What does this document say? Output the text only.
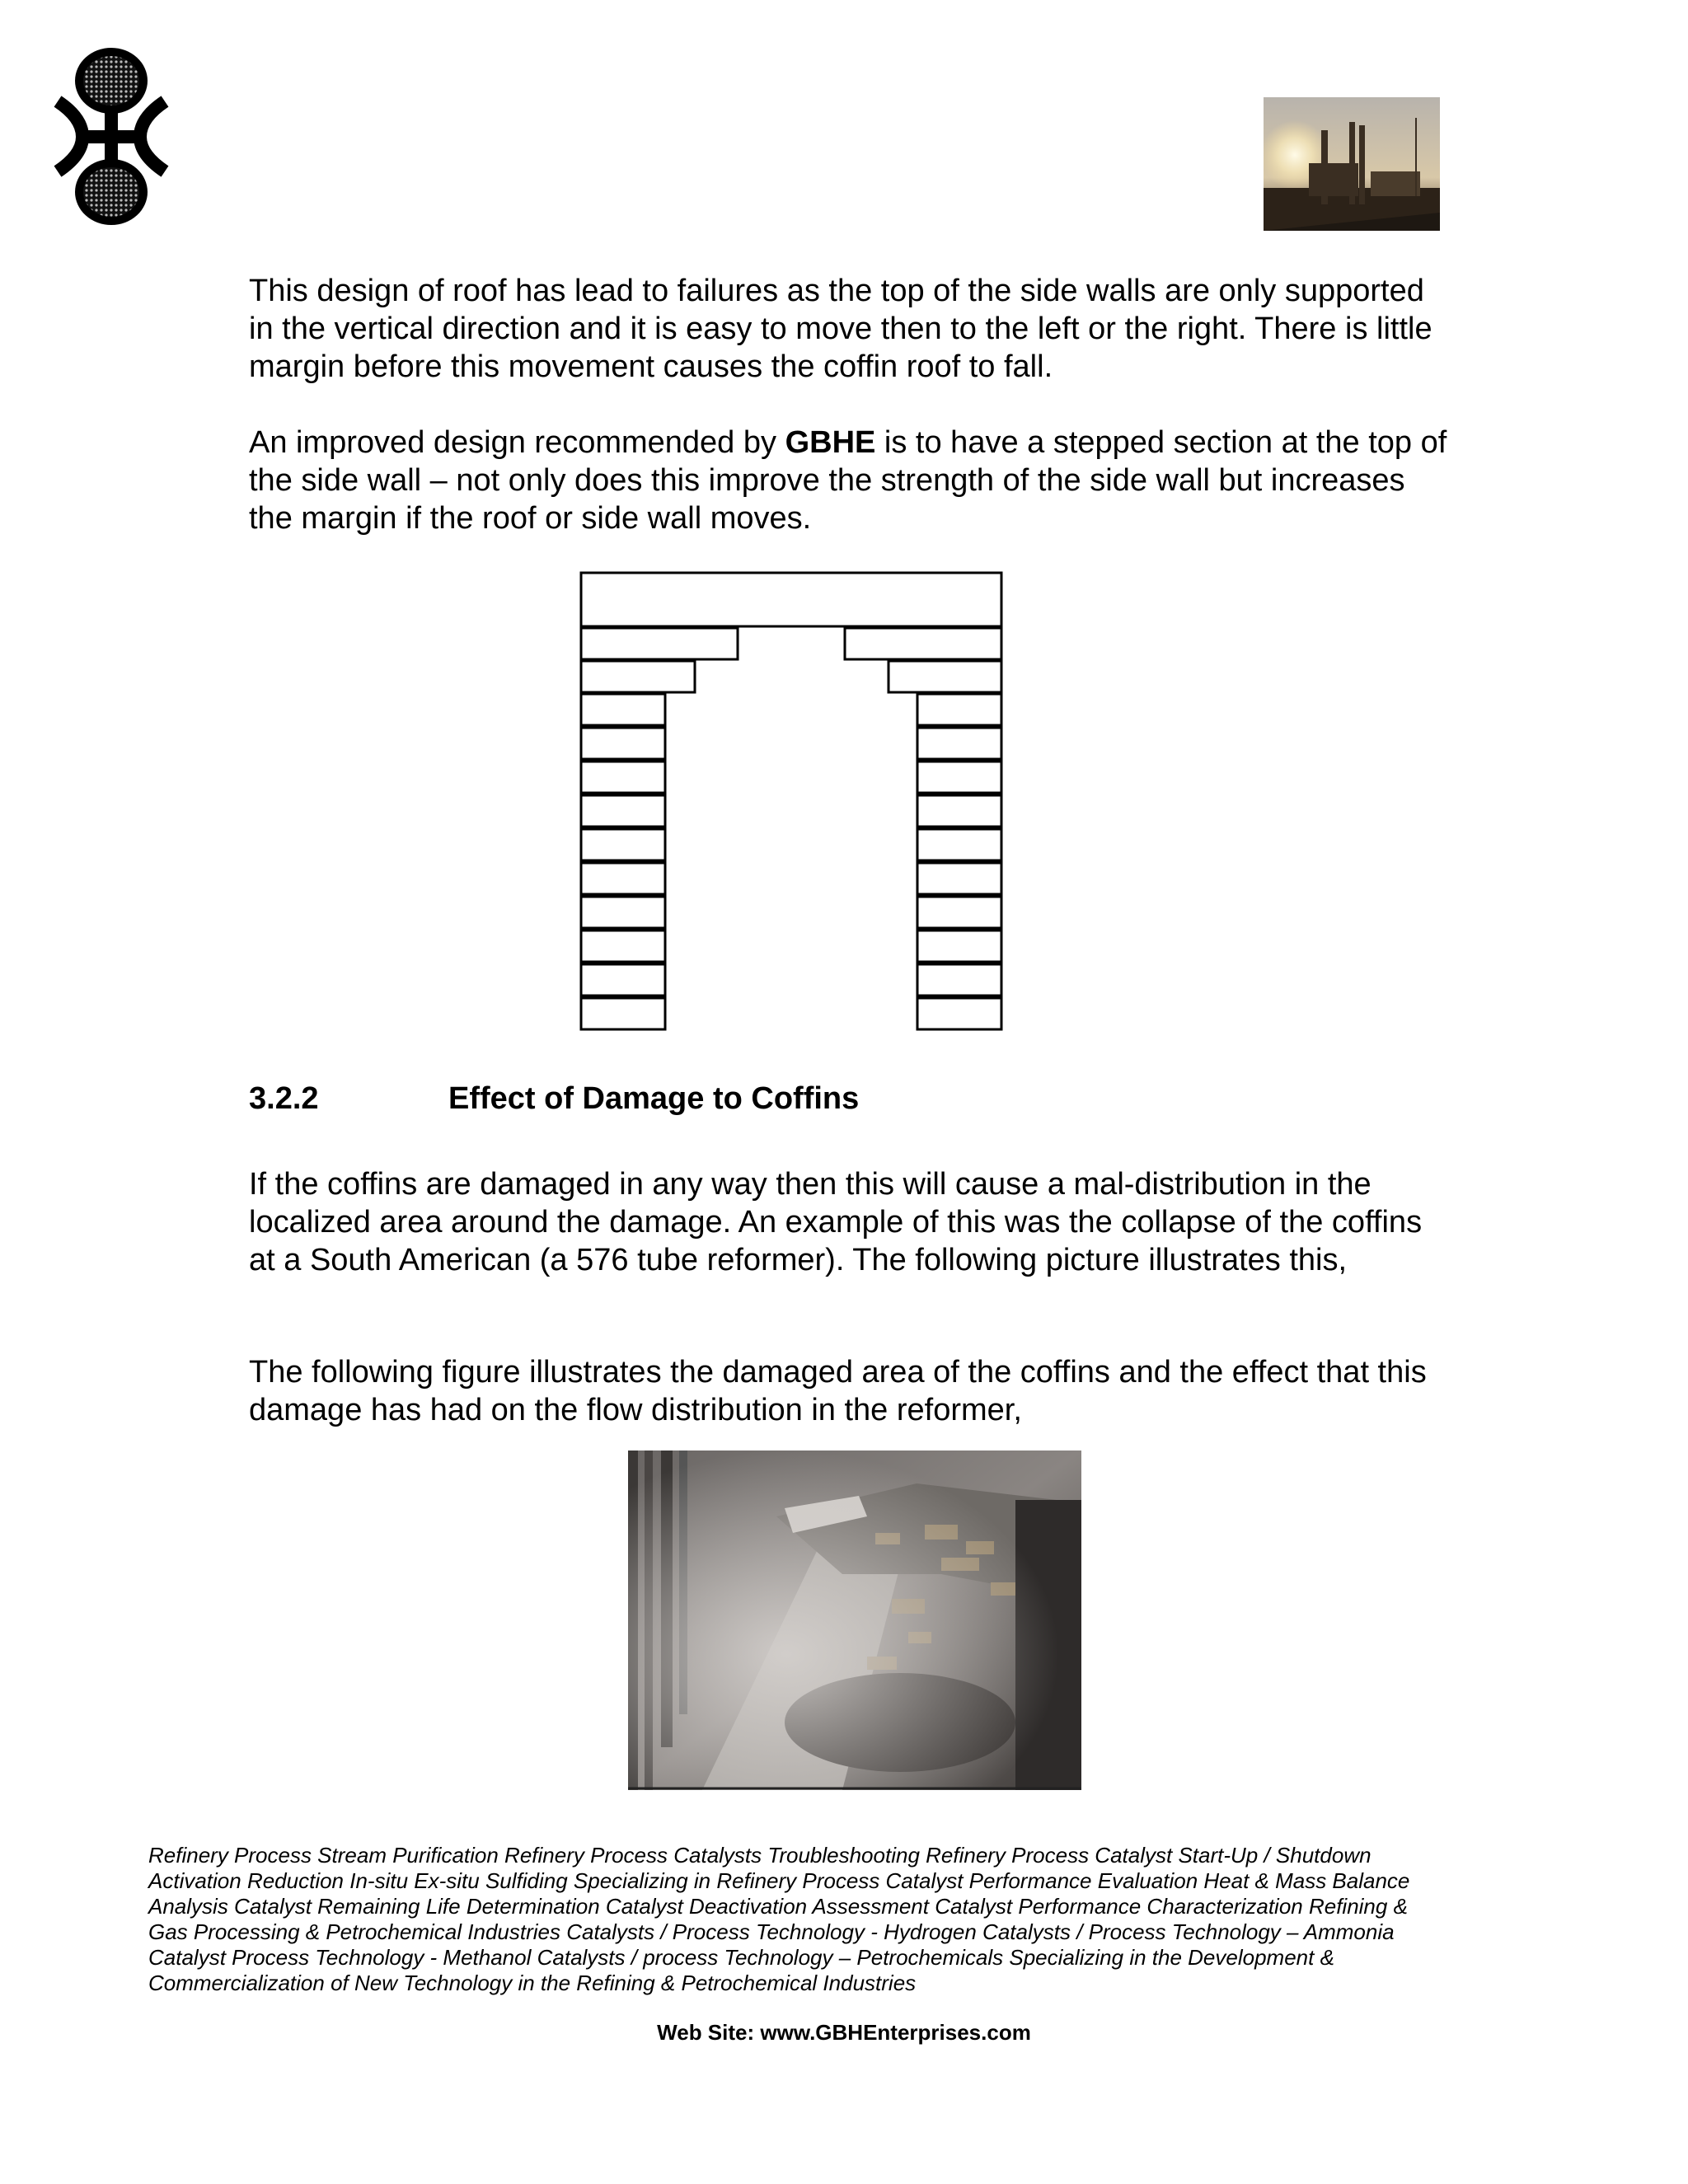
This design of roof has lead to failures as the top of the side walls are only supported in the vertical direction and it is easy to move then to the left or the right. There is little margin before this movement causes the coffin roof to fall.

An improved design recommended by GBHE is to have a stepped section at the top of the side wall – not only does this improve the strength of the side wall but increases the margin if the roof or side wall moves.

3.2.2	Effect of Damage to Coffins

If the coffins are damaged in any way then this will cause a mal-distribution in the localized area around the damage. An example of this was the collapse of the coffins at a South American (a 576 tube reformer). The following picture illustrates this,

The following figure illustrates the damaged area of the coffins and the effect that this damage has had on the flow distribution in the reformer,

Refinery Process Stream Purification Refinery Process Catalysts Troubleshooting Refinery Process Catalyst Start-Up / Shutdown Activation Reduction In-situ Ex-situ Sulfiding Specializing in Refinery Process Catalyst Performance Evaluation Heat & Mass Balance Analysis Catalyst Remaining Life Determination Catalyst Deactivation Assessment Catalyst Performance Characterization Refining & Gas Processing & Petrochemical Industries Catalysts / Process Technology - Hydrogen Catalysts / Process Technology – Ammonia Catalyst Process Technology - Methanol Catalysts / process Technology – Petrochemicals Specializing in the Development & Commercialization of New Technology in the Refining & Petrochemical Industries

Web Site: www.GBHEnterprises.com
